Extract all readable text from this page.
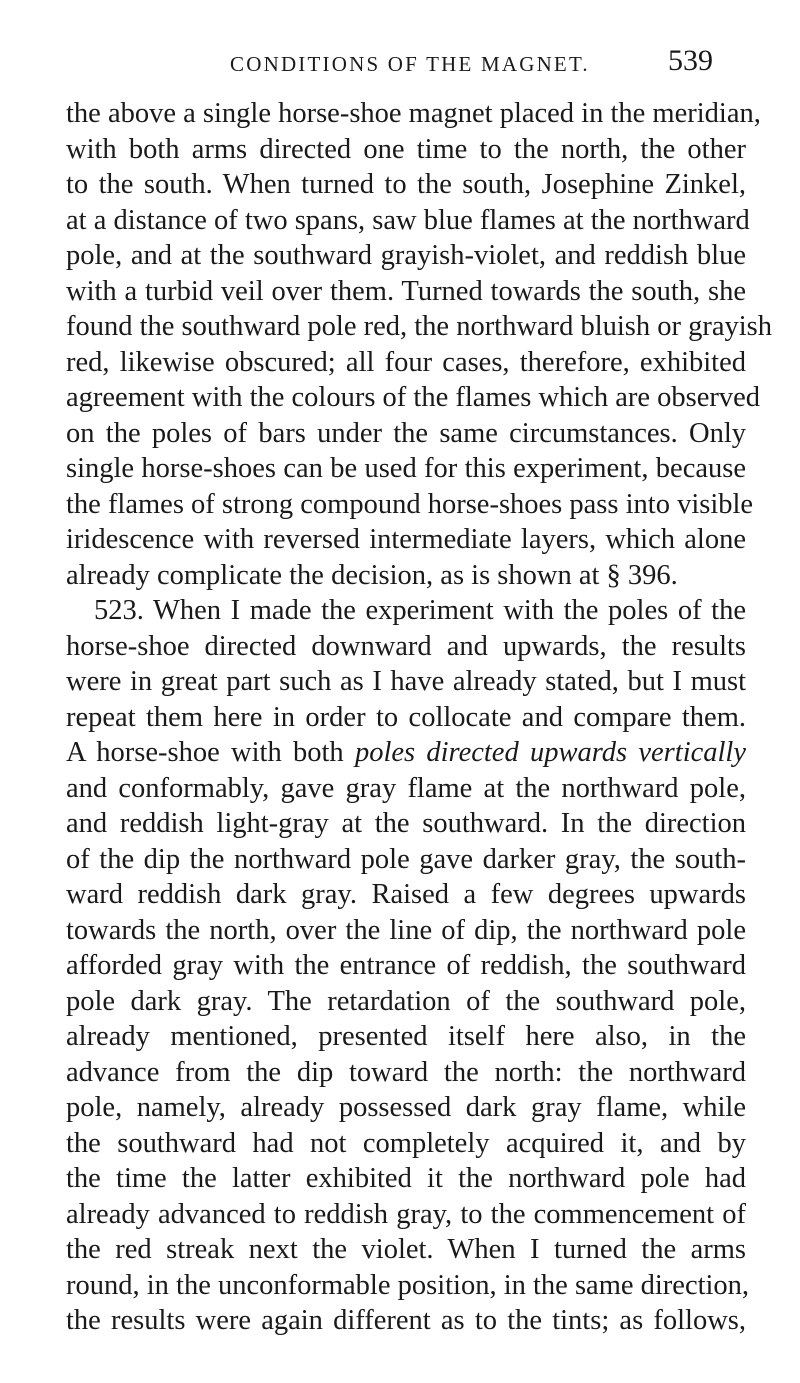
CONDITIONS OF THE MAGNET.	539
the above a single horse-shoe magnet placed in the meridian,
with both arms directed one time to the north, the other
to the south. When turned to the south, Josephine Zinkel,
at a distance of two spans, saw blue flames at the northward
pole, and at the southward grayish-violet, and reddish blue
with a turbid veil over them. Turned towards the south, she
found the southward pole red, the northward bluish or grayish
red, likewise obscured; all four cases, therefore, exhibited
agreement with the colours of the flames which are observed
on the poles of bars under the same circumstances. Only
single horse-shoes can be used for this experiment, because
the flames of strong compound horse-shoes pass into visible
iridescence with reversed intermediate layers, which alone
already complicate the decision, as is shown at § 396.
523. When I made the experiment with the poles of the
horse-shoe directed downward and upwards, the results
were in great part such as I have already stated, but I must
repeat them here in order to collocate and compare them.
A horse-shoe with both poles directed upwards vertically
and conformably, gave gray flame at the northward pole,
and reddish light-gray at the southward. In the direction
of the dip the northward pole gave darker gray, the south-
ward reddish dark gray. Raised a few degrees upwards
towards the north, over the line of dip, the northward pole
afforded gray with the entrance of reddish, the southward
pole dark gray. The retardation of the southward pole,
already mentioned, presented itself here also, in the
advance from the dip toward the north: the northward
pole, namely, already possessed dark gray flame, while
the southward had not completely acquired it, and by
the time the latter exhibited it the northward pole had
already advanced to reddish gray, to the commencement of
the red streak next the violet. When I turned the arms
round, in the unconformable position, in the same direction,
the results were again different as to the tints; as follows,
